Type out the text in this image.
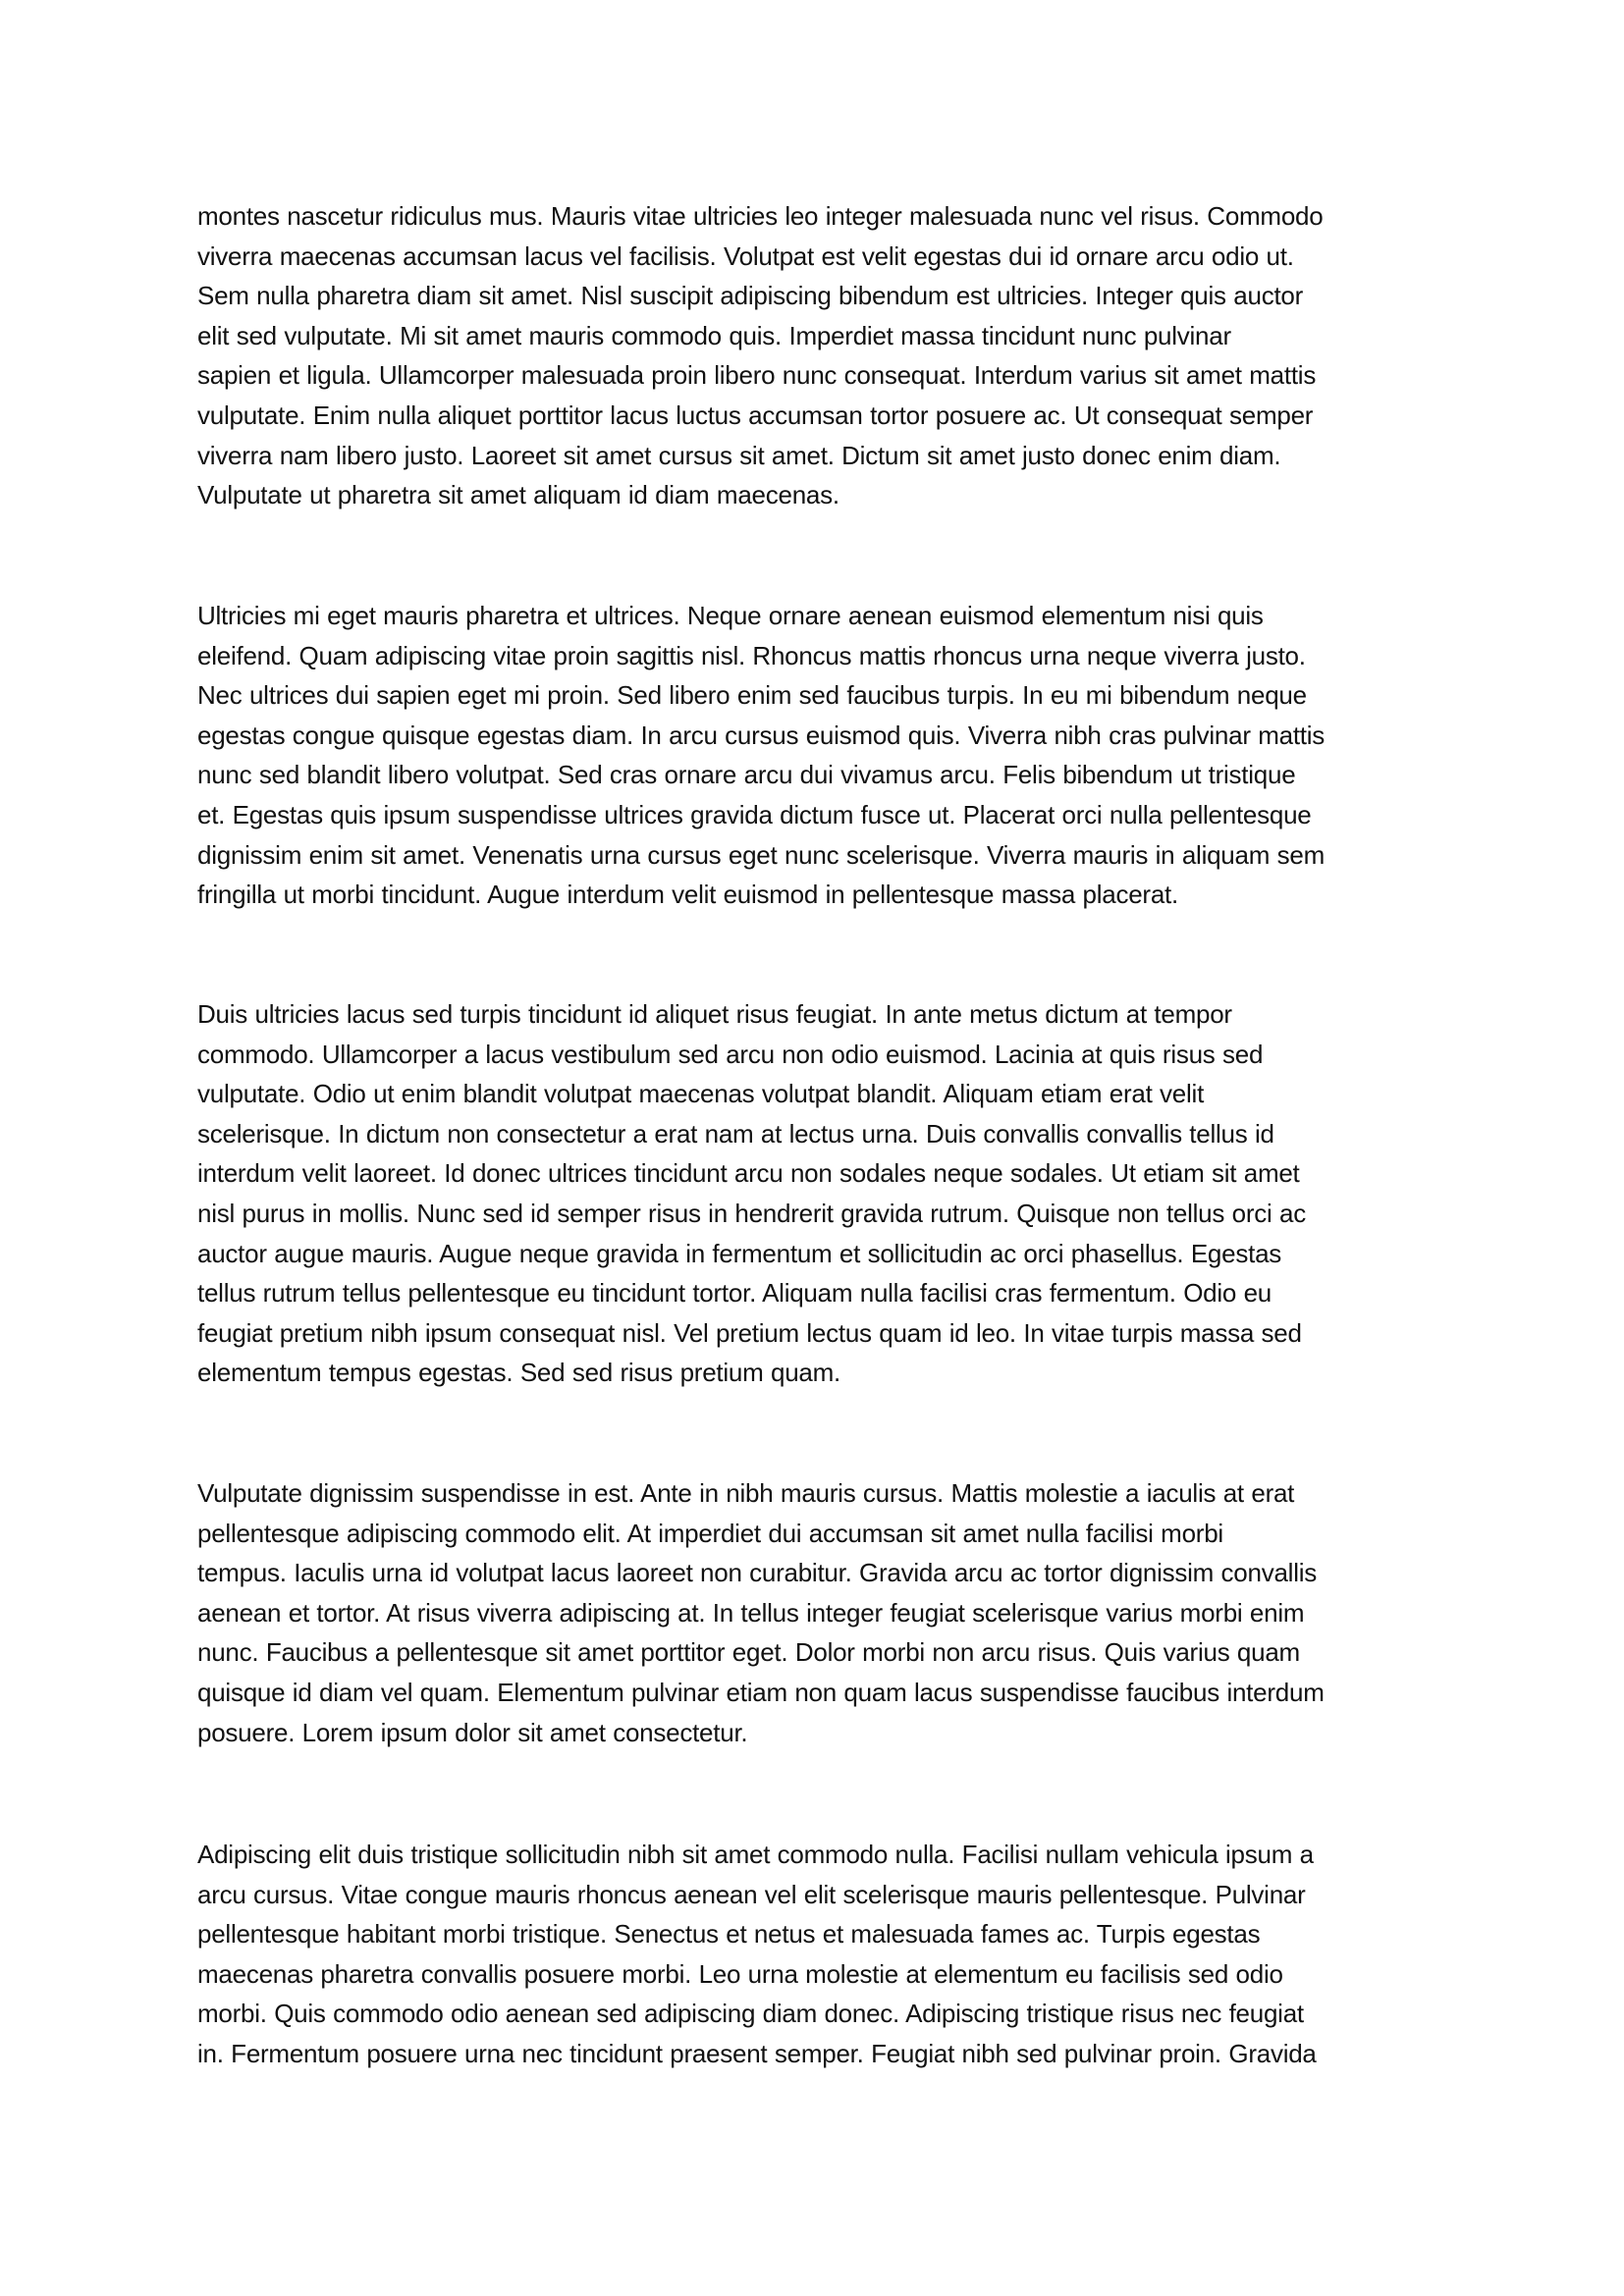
montes nascetur ridiculus mus. Mauris vitae ultricies leo integer malesuada nunc vel risus. Commodo
viverra maecenas accumsan lacus vel facilisis. Volutpat est velit egestas dui id ornare arcu odio ut.
Sem nulla pharetra diam sit amet. Nisl suscipit adipiscing bibendum est ultricies. Integer quis auctor
elit sed vulputate. Mi sit amet mauris commodo quis. Imperdiet massa tincidunt nunc pulvinar
sapien et ligula. Ullamcorper malesuada proin libero nunc consequat. Interdum varius sit amet mattis
vulputate. Enim nulla aliquet porttitor lacus luctus accumsan tortor posuere ac. Ut consequat semper
viverra nam libero justo. Laoreet sit amet cursus sit amet. Dictum sit amet justo donec enim diam.
Vulputate ut pharetra sit amet aliquam id diam maecenas.
Ultricies mi eget mauris pharetra et ultrices. Neque ornare aenean euismod elementum nisi quis
eleifend. Quam adipiscing vitae proin sagittis nisl. Rhoncus mattis rhoncus urna neque viverra justo.
Nec ultrices dui sapien eget mi proin. Sed libero enim sed faucibus turpis. In eu mi bibendum neque
egestas congue quisque egestas diam. In arcu cursus euismod quis. Viverra nibh cras pulvinar mattis
nunc sed blandit libero volutpat. Sed cras ornare arcu dui vivamus arcu. Felis bibendum ut tristique
et. Egestas quis ipsum suspendisse ultrices gravida dictum fusce ut. Placerat orci nulla pellentesque
dignissim enim sit amet. Venenatis urna cursus eget nunc scelerisque. Viverra mauris in aliquam sem
fringilla ut morbi tincidunt. Augue interdum velit euismod in pellentesque massa placerat.
Duis ultricies lacus sed turpis tincidunt id aliquet risus feugiat. In ante metus dictum at tempor
commodo. Ullamcorper a lacus vestibulum sed arcu non odio euismod. Lacinia at quis risus sed
vulputate. Odio ut enim blandit volutpat maecenas volutpat blandit. Aliquam etiam erat velit
scelerisque. In dictum non consectetur a erat nam at lectus urna. Duis convallis convallis tellus id
interdum velit laoreet. Id donec ultrices tincidunt arcu non sodales neque sodales. Ut etiam sit amet
nisl purus in mollis. Nunc sed id semper risus in hendrerit gravida rutrum. Quisque non tellus orci ac
auctor augue mauris. Augue neque gravida in fermentum et sollicitudin ac orci phasellus. Egestas
tellus rutrum tellus pellentesque eu tincidunt tortor. Aliquam nulla facilisi cras fermentum. Odio eu
feugiat pretium nibh ipsum consequat nisl. Vel pretium lectus quam id leo. In vitae turpis massa sed
elementum tempus egestas. Sed sed risus pretium quam.
Vulputate dignissim suspendisse in est. Ante in nibh mauris cursus. Mattis molestie a iaculis at erat
pellentesque adipiscing commodo elit. At imperdiet dui accumsan sit amet nulla facilisi morbi
tempus. Iaculis urna id volutpat lacus laoreet non curabitur. Gravida arcu ac tortor dignissim convallis
aenean et tortor. At risus viverra adipiscing at. In tellus integer feugiat scelerisque varius morbi enim
nunc. Faucibus a pellentesque sit amet porttitor eget. Dolor morbi non arcu risus. Quis varius quam
quisque id diam vel quam. Elementum pulvinar etiam non quam lacus suspendisse faucibus interdum
posuere. Lorem ipsum dolor sit amet consectetur.
Adipiscing elit duis tristique sollicitudin nibh sit amet commodo nulla. Facilisi nullam vehicula ipsum a
arcu cursus. Vitae congue mauris rhoncus aenean vel elit scelerisque mauris pellentesque. Pulvinar
pellentesque habitant morbi tristique. Senectus et netus et malesuada fames ac. Turpis egestas
maecenas pharetra convallis posuere morbi. Leo urna molestie at elementum eu facilisis sed odio
morbi. Quis commodo odio aenean sed adipiscing diam donec. Adipiscing tristique risus nec feugiat
in. Fermentum posuere urna nec tincidunt praesent semper. Feugiat nibh sed pulvinar proin. Gravida
